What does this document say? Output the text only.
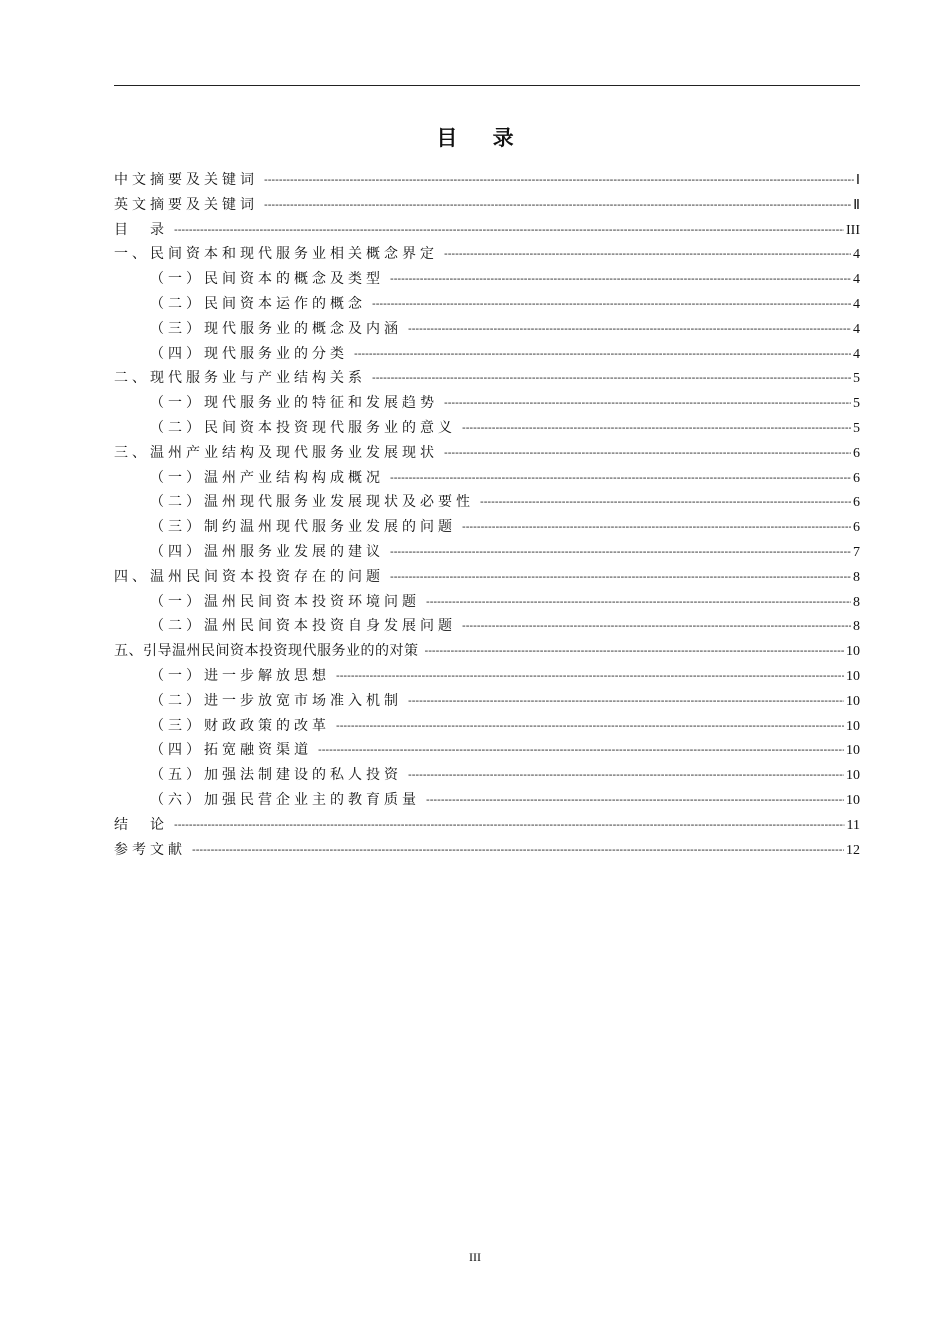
目 录
中文摘要及关键词 -----	Ⅰ
英文摘要及关键词 -----	Ⅱ
目　录 -----	III
一、民间资本和现代服务业相关概念界定 -----	4
（一）民间资本的概念及类型 -----	4
（二）民间资本运作的概念 -----	4
（三）现代服务业的概念及内涵 -----	4
（四）现代服务业的分类 -----	4
二、现代服务业与产业结构关系 -----	5
（一）现代服务业的特征和发展趋势 -----	5
（二）民间资本投资现代服务业的意义 -----	5
三、温州产业结构及现代服务业发展现状 -----	6
（一）温州产业结构构成概况 -----	6
（二）温州现代服务业发展现状及必要性 -----	6
（三）制约温州现代服务业发展的问题 -----	6
（四）温州服务业发展的建议 -----	7
四、温州民间资本投资存在的问题 -----	8
（一）温州民间资本投资环境问题 -----	8
（二）温州民间资本投资自身发展问题 -----	8
五、引导温州民间资本投资现代服务业的的对策 -----	10
（一）进一步解放思想 -----	10
（二）进一步放宽市场准入机制 -----	10
（三）财政政策的改革 -----	10
（四）拓宽融资渠道 -----	10
（五）加强法制建设的私人投资 -----	10
（六）加强民营企业主的教育质量 -----	10
结　论 -----	11
参考文献 -----	12
III
